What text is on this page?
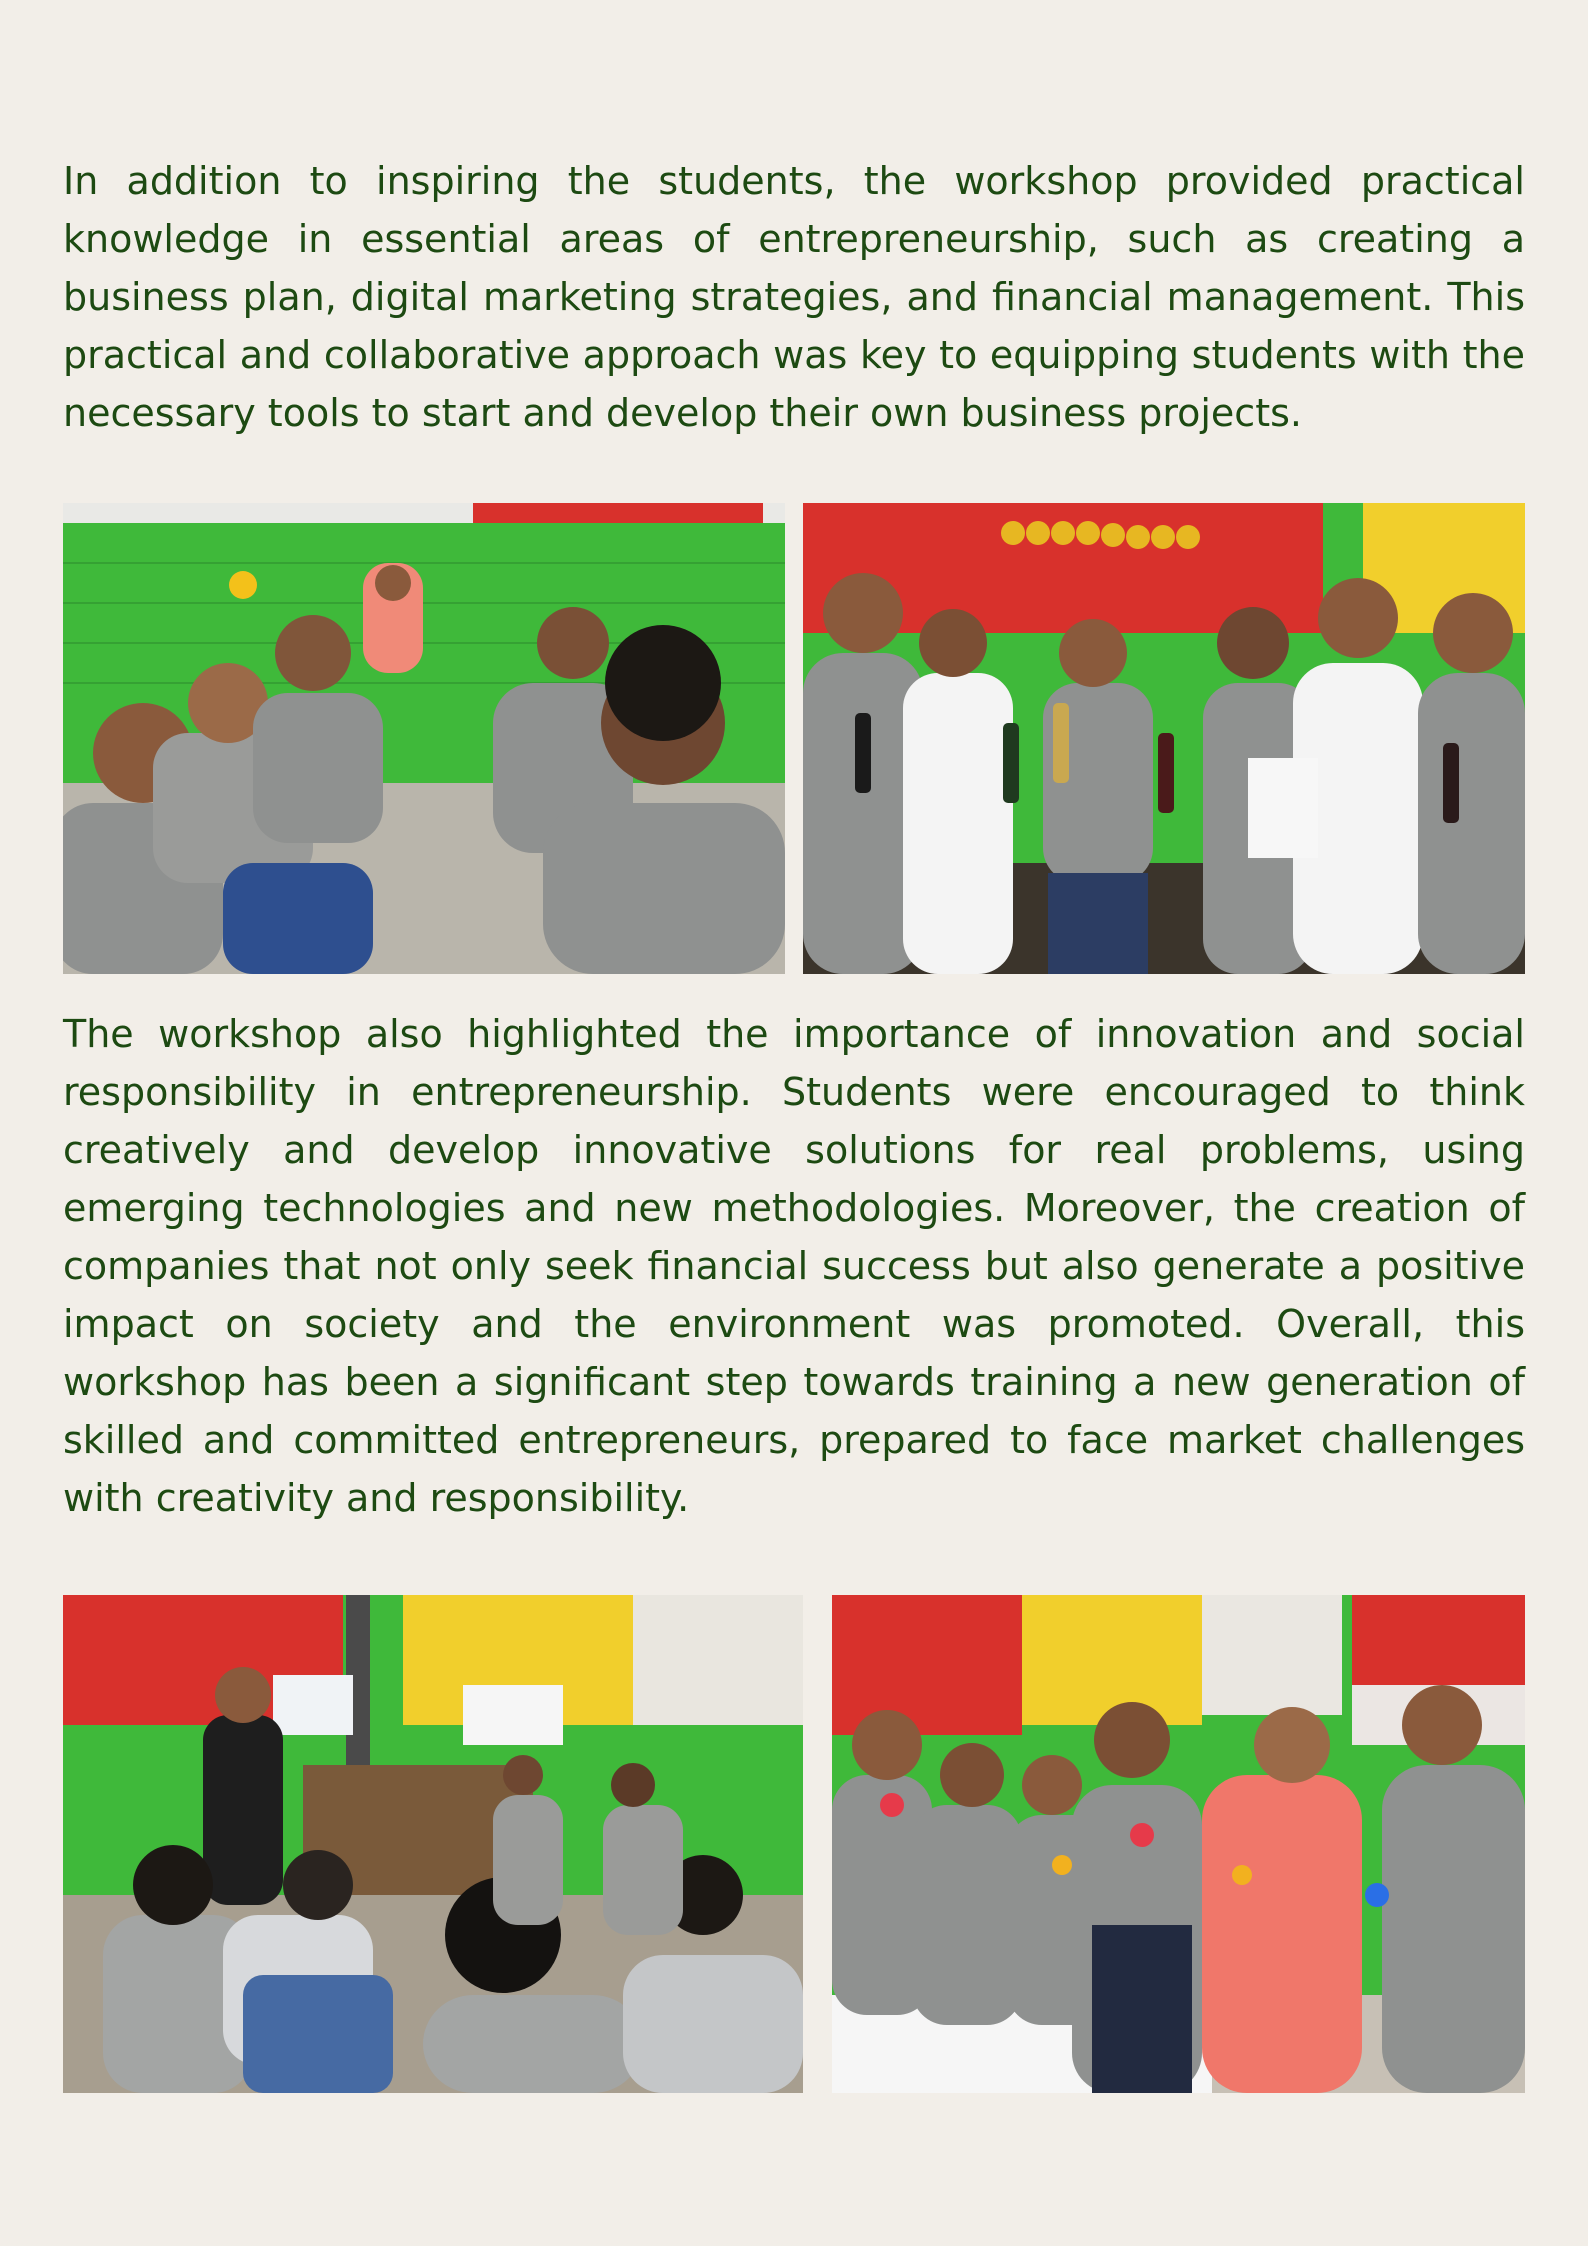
In addition to inspiring the students, the workshop provided practical knowledge in essential areas of entrepreneurship, such as creating a business plan, digital marketing strategies, and financial management. This practical and collaborative approach was key to equipping students with the necessary tools to start and develop their own business projects.

The workshop also highlighted the importance of innovation and social responsibility in entrepreneurship. Students were encouraged to think creatively and develop innovative solutions for real problems, using emerging technologies and new methodologies. Moreover, the creation of companies that not only seek financial success but also generate a positive impact on society and the environment was promoted. Overall, this workshop has been a significant step towards training a new generation of skilled and committed entrepreneurs, prepared to face market challenges with creativity and responsibility.
